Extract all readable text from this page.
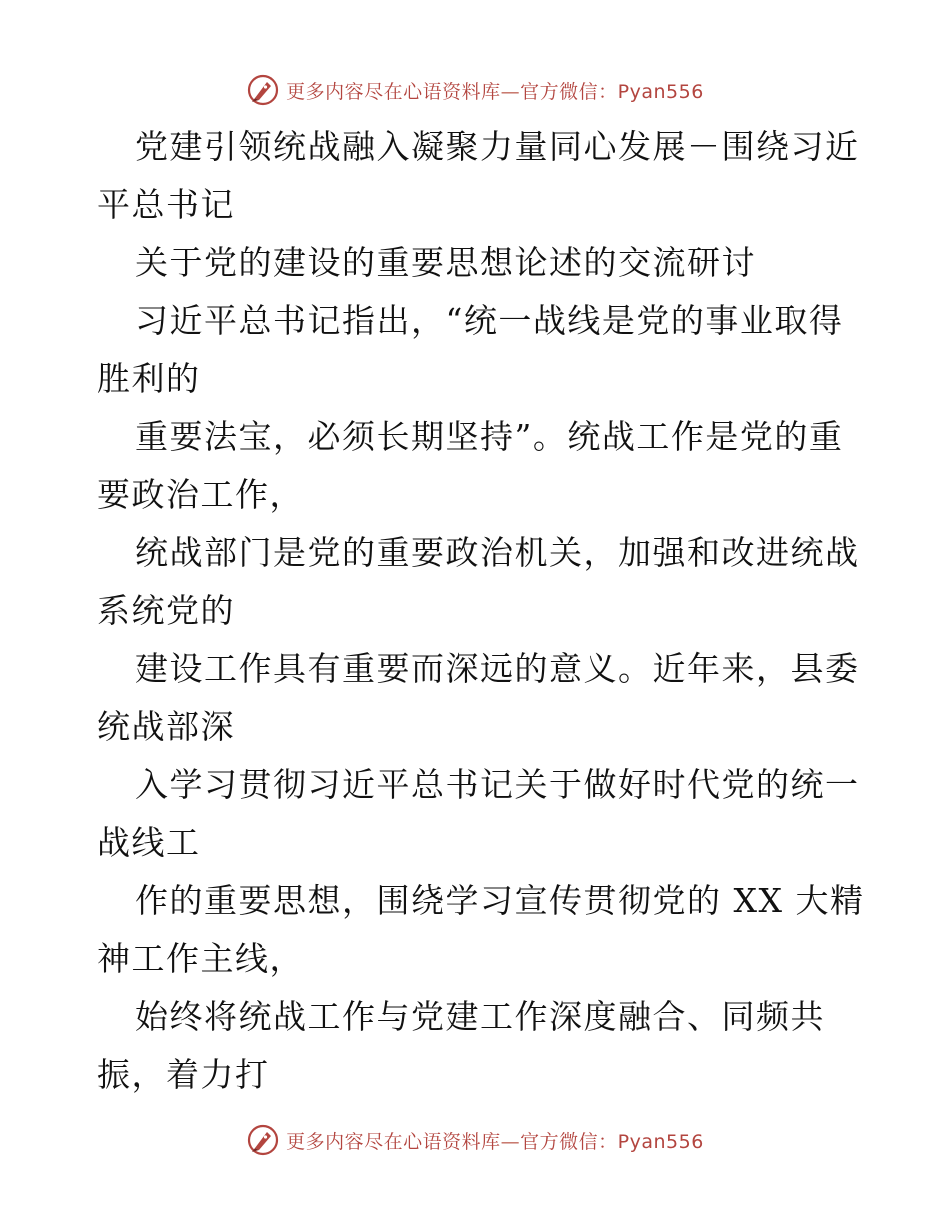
更多内容尽在心语资料库—官方微信：Pyan556
党建引领统战融入凝聚力量同心发展－围绕习近
平总书记
关于党的建设的重要思想论述的交流研讨
习近平总书记指出，“统一战线是党的事业取得
胜利的
重要法宝，必须长期坚持”。统战工作是党的重
要政治工作，
统战部门是党的重要政治机关，加强和改进统战
系统党的
建设工作具有重要而深远的意义。近年来，县委
统战部深
入学习贯彻习近平总书记关于做好时代党的统一
战线工
作的重要思想，围绕学习宣传贯彻党的 XX 大精
神工作主线，
始终将统战工作与党建工作深度融合、同频共
振，着力打
更多内容尽在心语资料库—官方微信：Pyan556
